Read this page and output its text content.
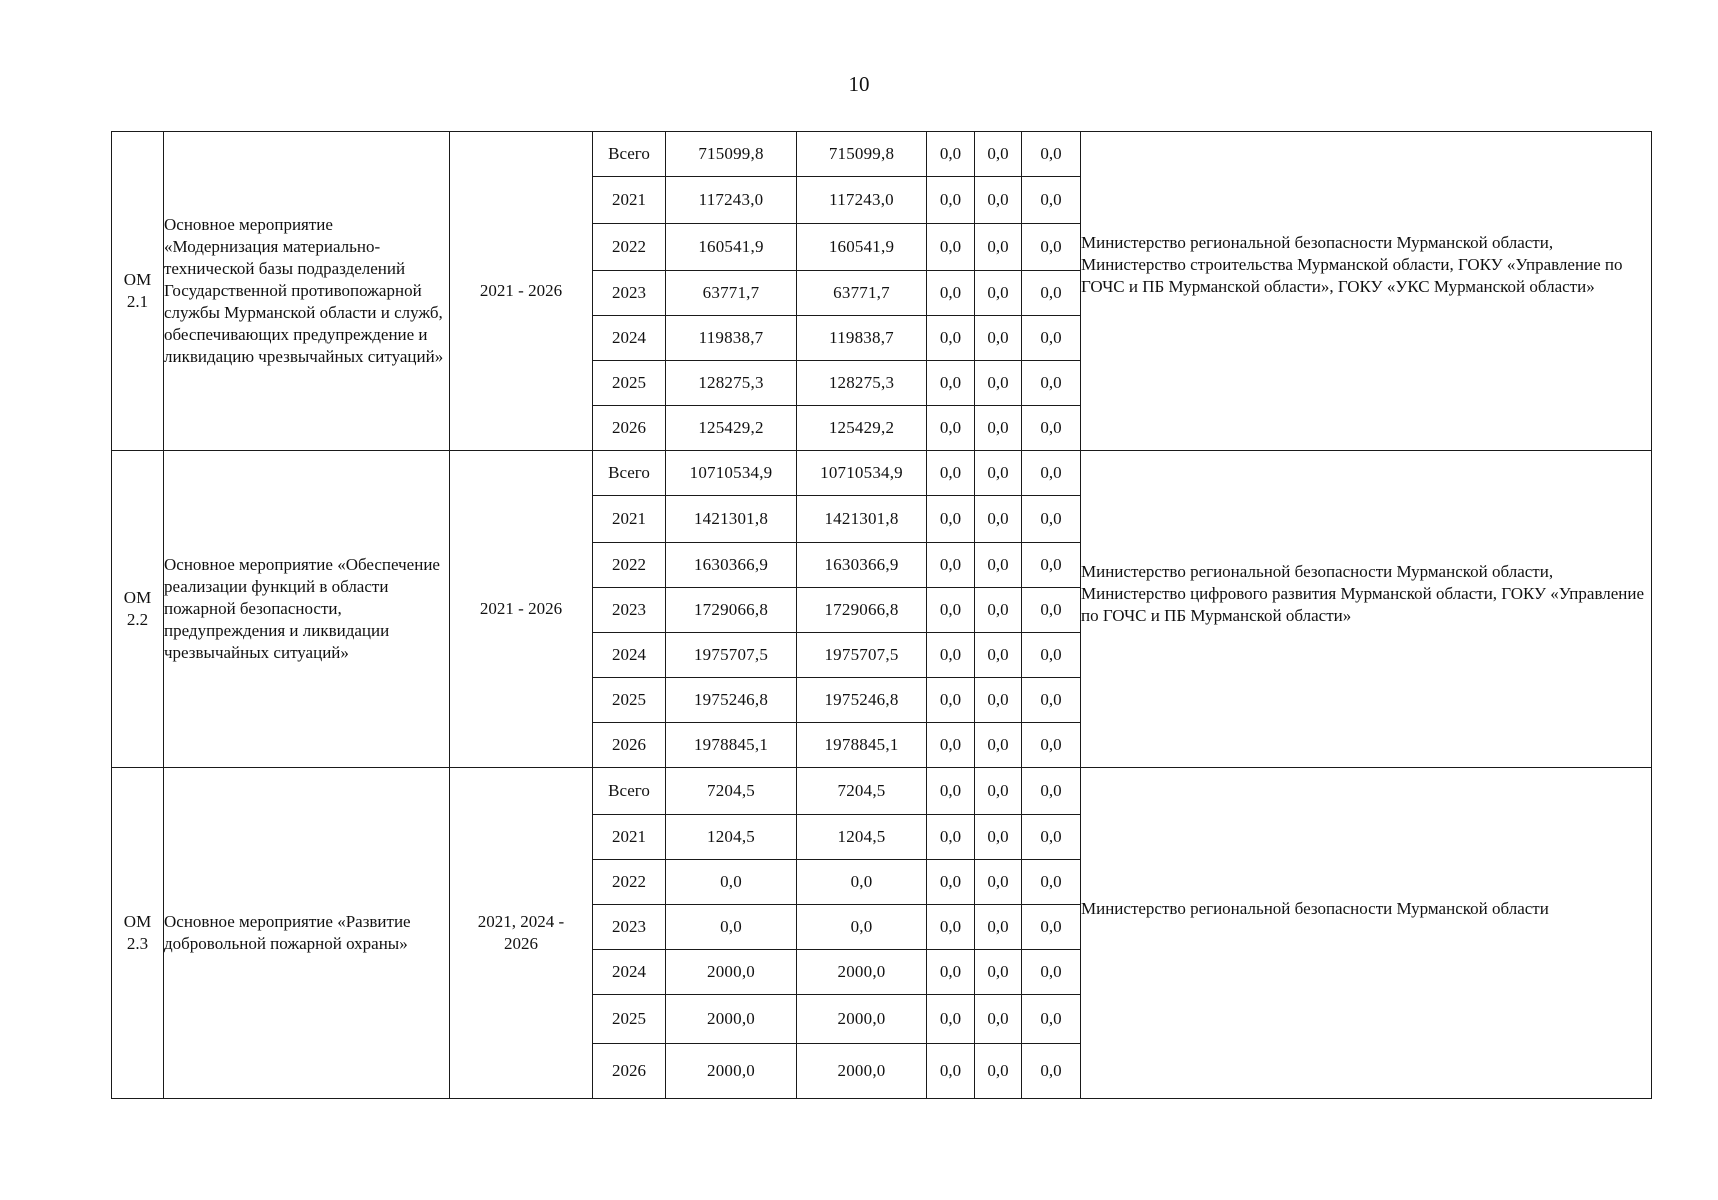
10
ОМ 2.1	Основное мероприятие «Модернизация материально-технической базы подразделений Государственной противопожарной службы Мурманской области и служб, обеспечивающих предупреждение и ликвидацию чрезвычайных ситуаций»	2021 - 2026	Всего	715099,8	715099,8	0,0	0,0	0,0	Министерство региональной безопасности Мурманской области, Министерство строительства Мурманской области, ГОКУ «Управление по ГОЧС и ПБ Мурманской области», ГОКУ «УКС Мурманской области»

			2021	117243,0	117243,0	0,0	0,0	0,0	
			2022	160541,9	160541,9	0,0	0,0	0,0	
			2023	63771,7	63771,7	0,0	0,0	0,0	
			2024	119838,7	119838,7	0,0	0,0	0,0	
			2025	128275,3	128275,3	0,0	0,0	0,0	
			2026	125429,2	125429,2	0,0	0,0	0,0	
ОМ 2.2	Основное мероприятие «Обеспечение реализации функций в области пожарной безопасности, предупреждения и ликвидации чрезвычайных ситуаций»	2021 - 2026	Всего	10710534,9	10710534,9	0,0	0,0	0,0	Министерство региональной безопасности Мурманской области, Министерство цифрового развития Мурманской области, ГОКУ «Управление по ГОЧС и ПБ Мурманской области»

			2021	1421301,8	1421301,8	0,0	0,0	0,0	
			2022	1630366,9	1630366,9	0,0	0,0	0,0	
			2023	1729066,8	1729066,8	0,0	0,0	0,0	
			2024	1975707,5	1975707,5	0,0	0,0	0,0	
			2025	1975246,8	1975246,8	0,0	0,0	0,0	
			2026	1978845,1	1978845,1	0,0	0,0	0,0	
ОМ 2.3	Основное мероприятие «Развитие добровольной пожарной охраны»	2021, 2024 - 2026	Всего	7204,5	7204,5	0,0	0,0	0,0	Министерство региональной безопасности Мурманской области

			2021	1204,5	1204,5	0,0	0,0	0,0	
			2022	0,0	0,0	0,0	0,0	0,0	
			2023	0,0	0,0	0,0	0,0	0,0	
			2024	2000,0	2000,0	0,0	0,0	0,0	
			2025	2000,0	2000,0	0,0	0,0	0,0	
			2026	2000,0	2000,0	0,0	0,0	0,0	
